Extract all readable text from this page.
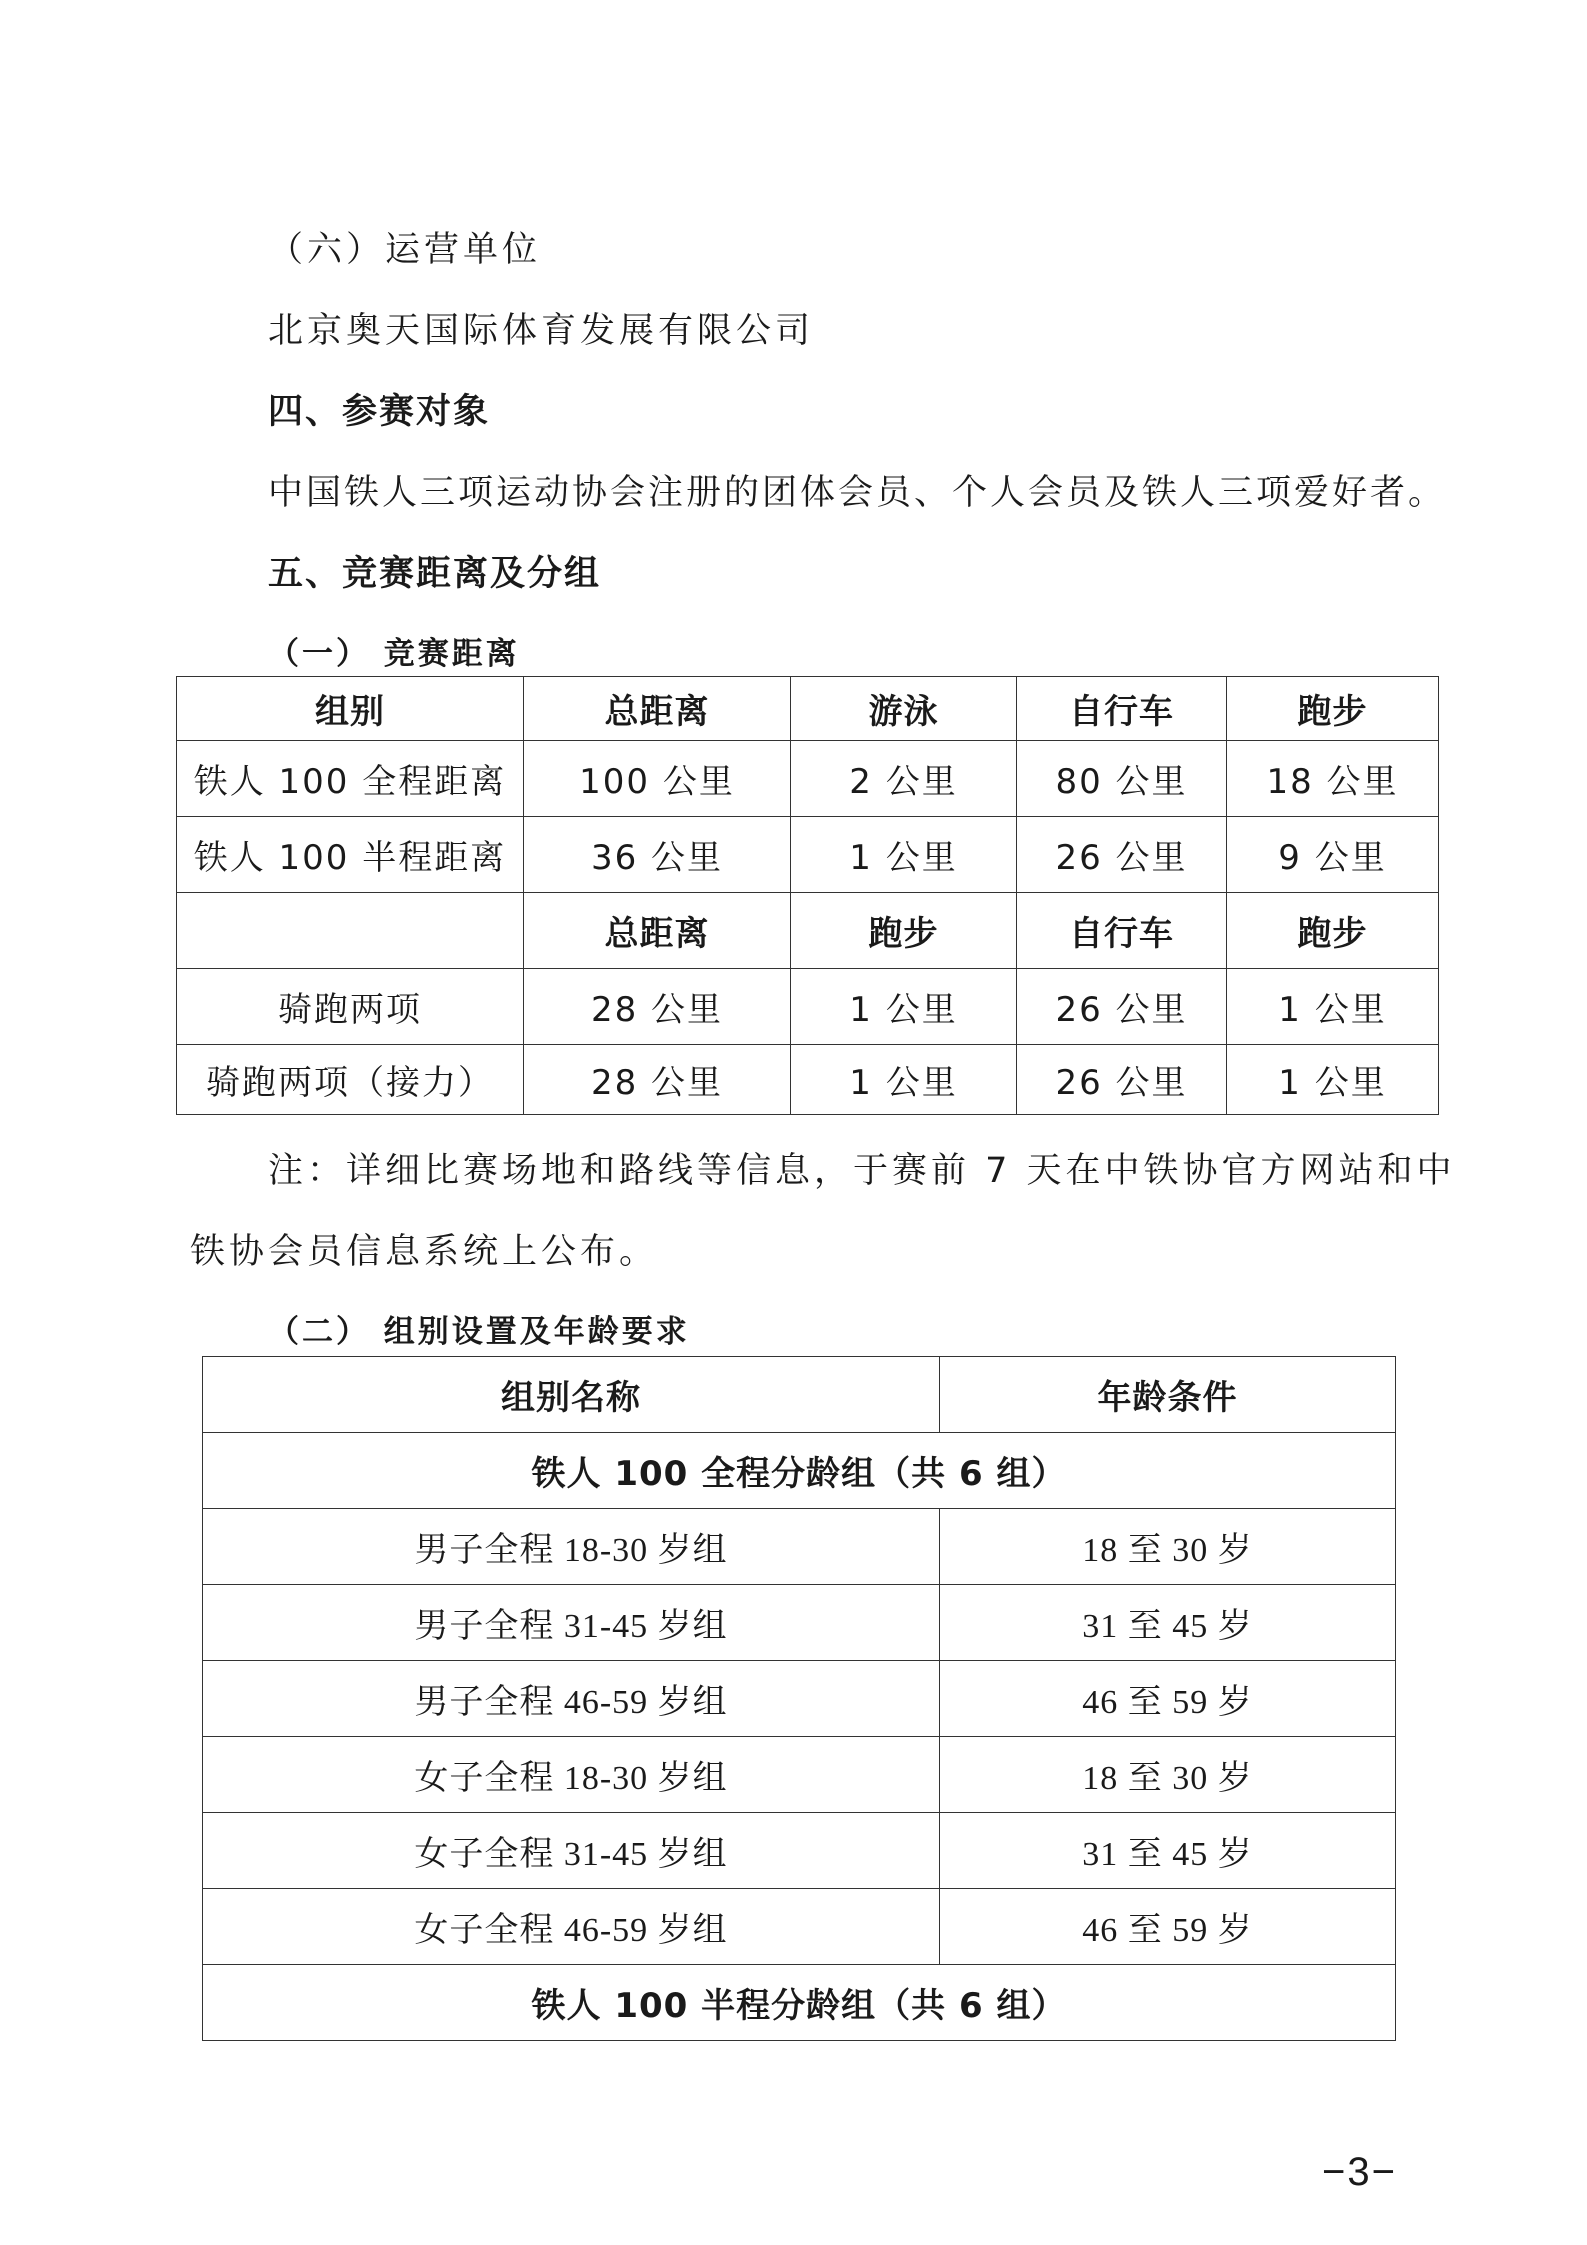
（六）运营单位
北京奥天国际体育发展有限公司
四、参赛对象
中国铁人三项运动协会注册的团体会员、个人会员及铁人三项爱好者。
五、竞赛距离及分组
（一） 竞赛距离
组别	总距离	游泳	自行车	跑步
铁人 100 全程距离	100 公里	2 公里	80 公里	18 公里
铁人 100 半程距离	36 公里	1 公里	26 公里	9 公里
	总距离	跑步	自行车	跑步
骑跑两项	28 公里	1 公里	26 公里	1 公里
骑跑两项（接力）	28 公里	1 公里	26 公里	1 公里
注：详细比赛场地和路线等信息，于赛前 7 天在中铁协官方网站和中
铁协会员信息系统上公布。
（二） 组别设置及年龄要求
组别名称	年龄条件
铁人 100 全程分龄组（共 6 组）	
男子全程 18-30 岁组	18 至 30 岁
男子全程 31-45 岁组	31 至 45 岁
男子全程 46-59 岁组	46 至 59 岁
女子全程 18-30 岁组	18 至 30 岁
女子全程 31-45 岁组	31 至 45 岁
女子全程 46-59 岁组	46 至 59 岁
铁人 100 半程分龄组（共 6 组）	
−3−
